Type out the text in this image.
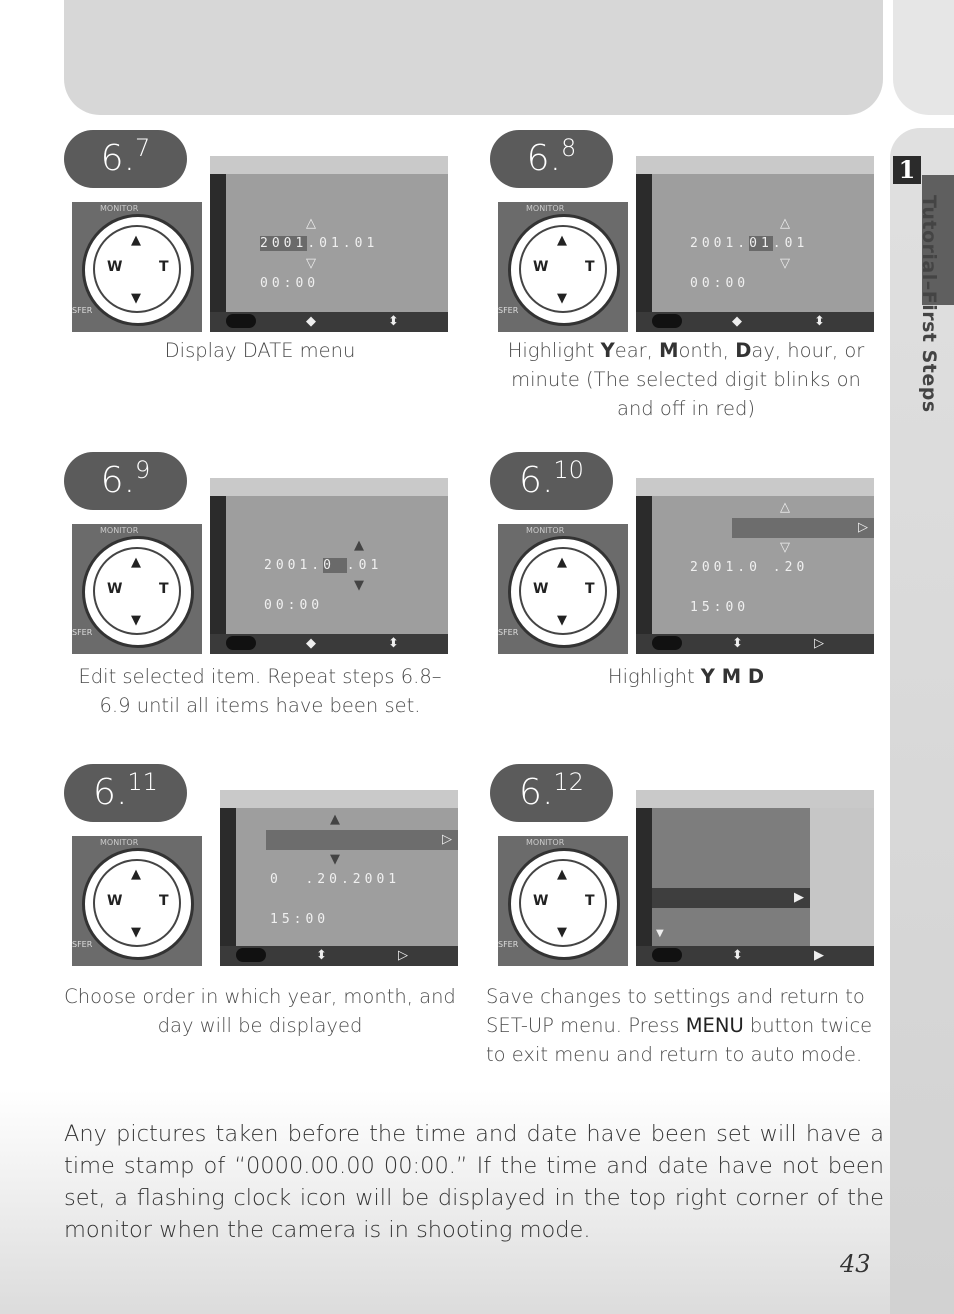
1
Tutorial–First Steps
6.$^7$
MONITOR
▲
W	T
▼
SFER
△
2001.01.01
▽
00:00
◆	⬍
Display DATE menu
6.$^8$
MONITOR
▲
W	T
▼
SFER
△
2001.01.01
▽
00:00
◆	⬍
Highlight Year, Month, Day, hour, or minute (The selected digit blinks on and off in red)
6.$^9$
MONITOR
▲
W	T
▼
SFER
▲
2001.0 .01
▼
00:00
◆	⬍
Edit selected item. Repeat steps 6.8–6.9 until all items have been set.
6.10
MONITOR
▲
W	T
▼
SFER
△
▷
▽
2001.0 .20
15:00
⬍	▷
Highlight Y M D
6.11
MONITOR
▲
W	T
▼
SFER
▲
▷
▼
0  .20.2001
15:00
⬍	▷
Choose order in which year, month, and day will be displayed
6.12
MONITOR
▲
W	T
▼
SFER
▶
▼
⬍	▶
Save changes to settings and return to SET-UP menu. Press MENU button twice to exit menu and return to auto mode.
Any pictures taken before the time and date have been set will have a time stamp of “0000.00.00 00:00.” If the time and date have not been set, a flashing clock icon will be displayed in the top right corner of the monitor when the camera is in shooting mode.
43
